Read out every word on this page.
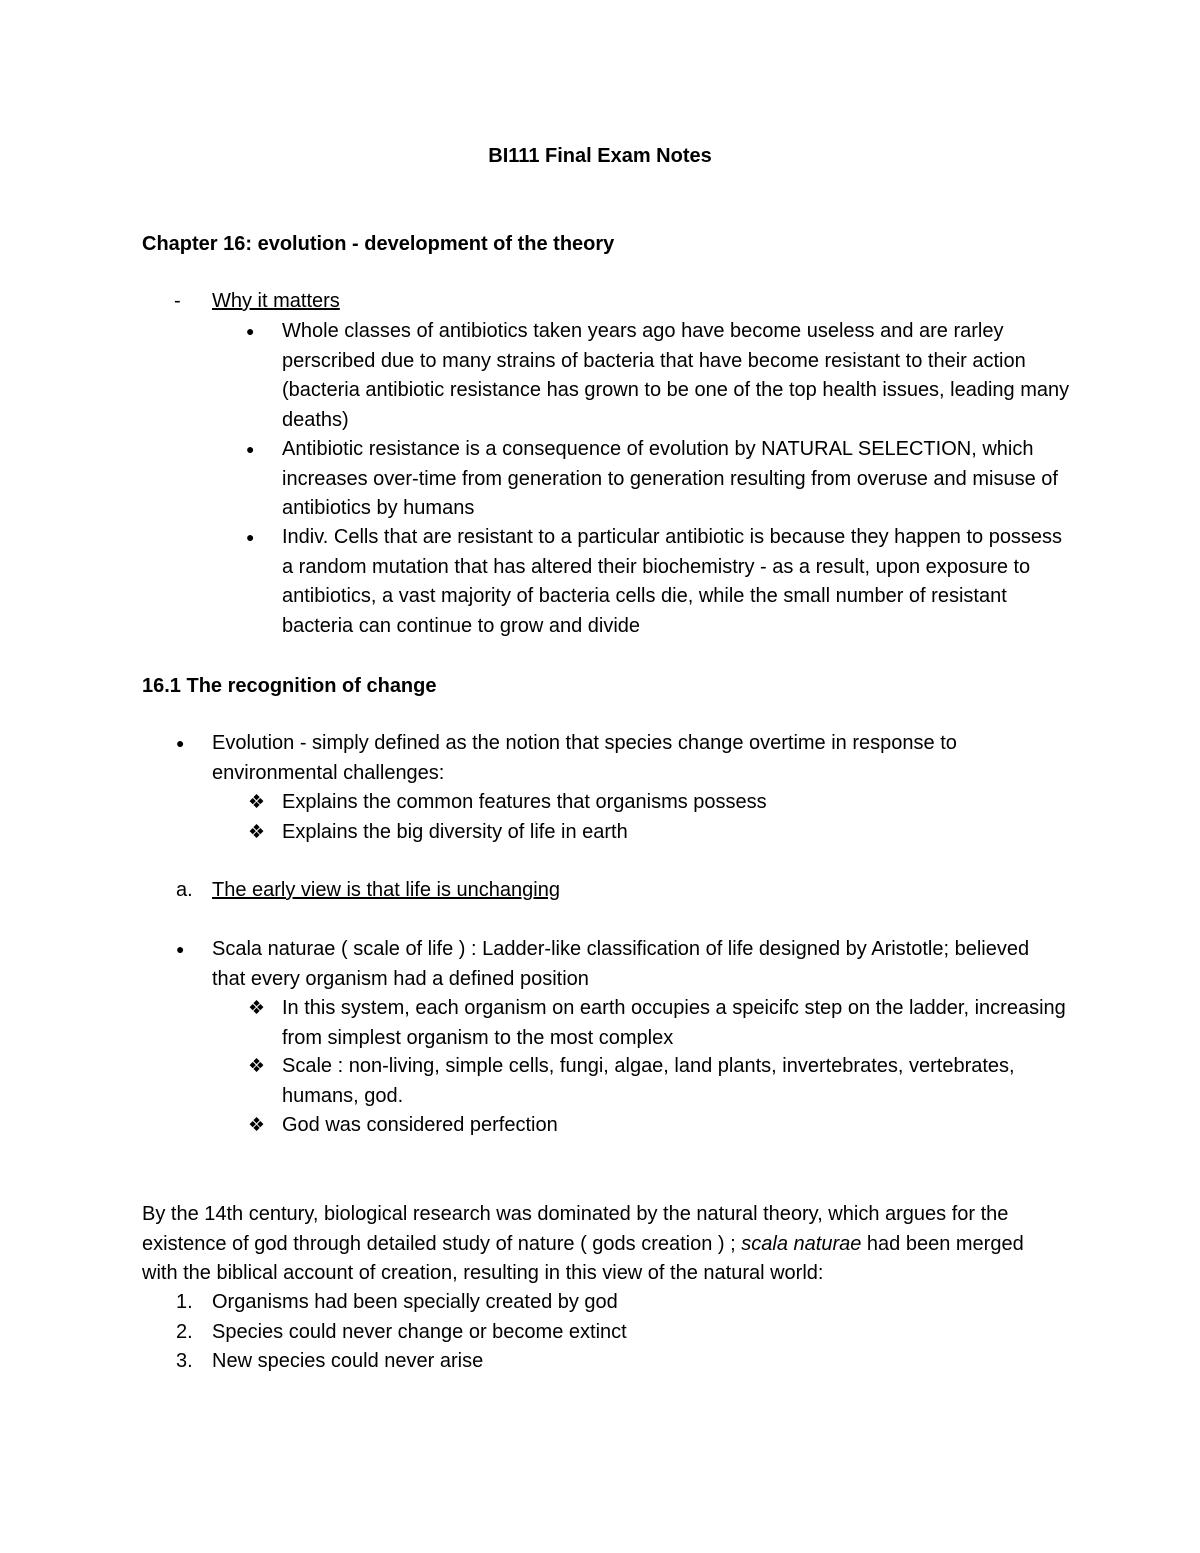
BI111 Final Exam Notes
Chapter 16: evolution - development of the theory
-	Why it matters
●	Whole classes of antibiotics taken years ago have become useless and are rarley perscribed due to many strains of bacteria that have become resistant to their action (bacteria antibiotic resistance has grown to be one of the top health issues, leading many deaths)
●	Antibiotic resistance is a consequence of evolution by NATURAL SELECTION, which increases over-time from generation to generation resulting from overuse and misuse of antibiotics by humans
●	Indiv. Cells that are resistant to a particular antibiotic is because they happen to possess a random mutation that has altered their biochemistry - as a result, upon exposure to antibiotics, a vast majority of bacteria cells die, while the small number of resistant bacteria can continue to grow and divide
16.1 The recognition of change
●	Evolution - simply defined as the notion that species change overtime in response to environmental challenges:
❖ Explains the common features that organisms possess
❖ Explains the big diversity of life in earth
a. The early view is that life is unchanging
●	Scala naturae ( scale of life ) : Ladder-like classification of life designed by Aristotle; believed that every organism had a defined position
❖ In this system, each organism on earth occupies a speicifc step on the ladder, increasing from simplest organism to the most complex
❖ Scale : non-living, simple cells, fungi, algae, land plants, invertebrates, vertebrates, humans, god.
❖ God was considered perfection
By the 14th century, biological research was dominated by the natural theory, which argues for the existence of god through detailed study of nature ( gods creation ) ; scala naturae had been merged with the biblical account of creation, resulting in this view of the natural world:
1. Organisms had been specially created by god
2. Species could never change or become extinct
3. New species could never arise
